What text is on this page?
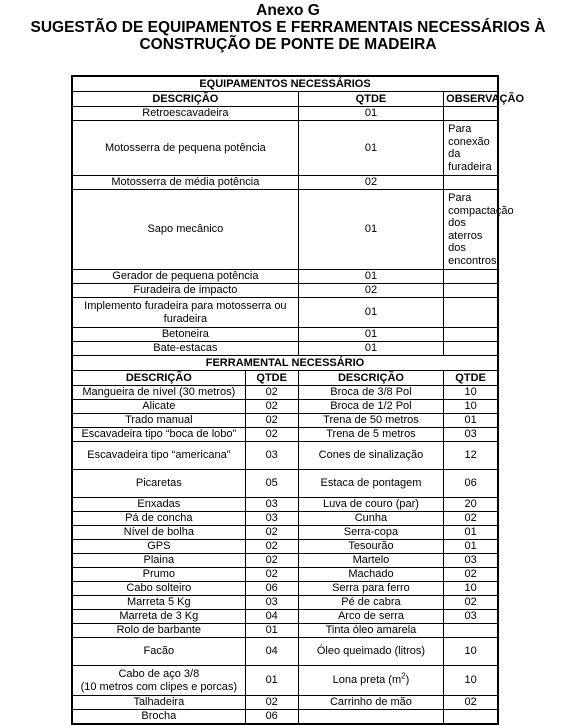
Anexo G
SUGESTÃO DE EQUIPAMENTOS E FERRAMENTAIS NECESSÁRIOS À
CONSTRUÇÃO DE PONTE DE MADEIRA
EQUIPAMENTOS NECESSÁRIOS			
DESCRIÇÃO		QTDE	OBSERVAÇÃO
Retroescavadeira		01	
Motosserra de pequena potência		01	Para conexão da furadeira
Motosserra de média potência		02	
Sapo mecânico		01	Para compactação dos aterros dos encontros
Gerador de pequena potência		01	
Furadeira de impacto		02	
Implemento furadeira para motosserra ou furadeira		01	
Betoneira		01	
Bate-estacas		01	
FERRAMENTAL NECESSÁRIO			
DESCRIÇÃO	QTDE	DESCRIÇÃO	QTDE
Mangueira de nível (30 metros)	02	Broca de 3/8 Pol	10
Alicate	02	Broca de 1/2 Pol	10
Trado manual	02	Trena de 50 metros	01
Escavadeira tipo “boca de lobo”	02	Trena de 5 metros	03
Escavadeira tipo “americana”	03	Cones de sinalização	12
Picaretas	05	Estaca de pontagem	06
Enxadas	03	Luva de couro (par)	20
Pá de concha	03	Cunha	02
Nível de bolha	02	Serra-copa	01
GPS	02	Tesourão	01
Plaina	02	Martelo	03
Prumo	02	Machado	02
Cabo solteiro	06	Serra para ferro	10
Marreta 5 Kg	03	Pé de cabra	02
Marreta de 3 Kg	04	Arco de serra	03
Rolo de barbante	01	Tinta óleo amarela	
Facão	04	Óleo queimado (litros)	10

Cabo de aço 3/8
(10 metros com clipes e porcas)	01	Lona preta $(m^2)$	10
Talhadeira	02	Carrinho de mão	02
Brocha	06		
